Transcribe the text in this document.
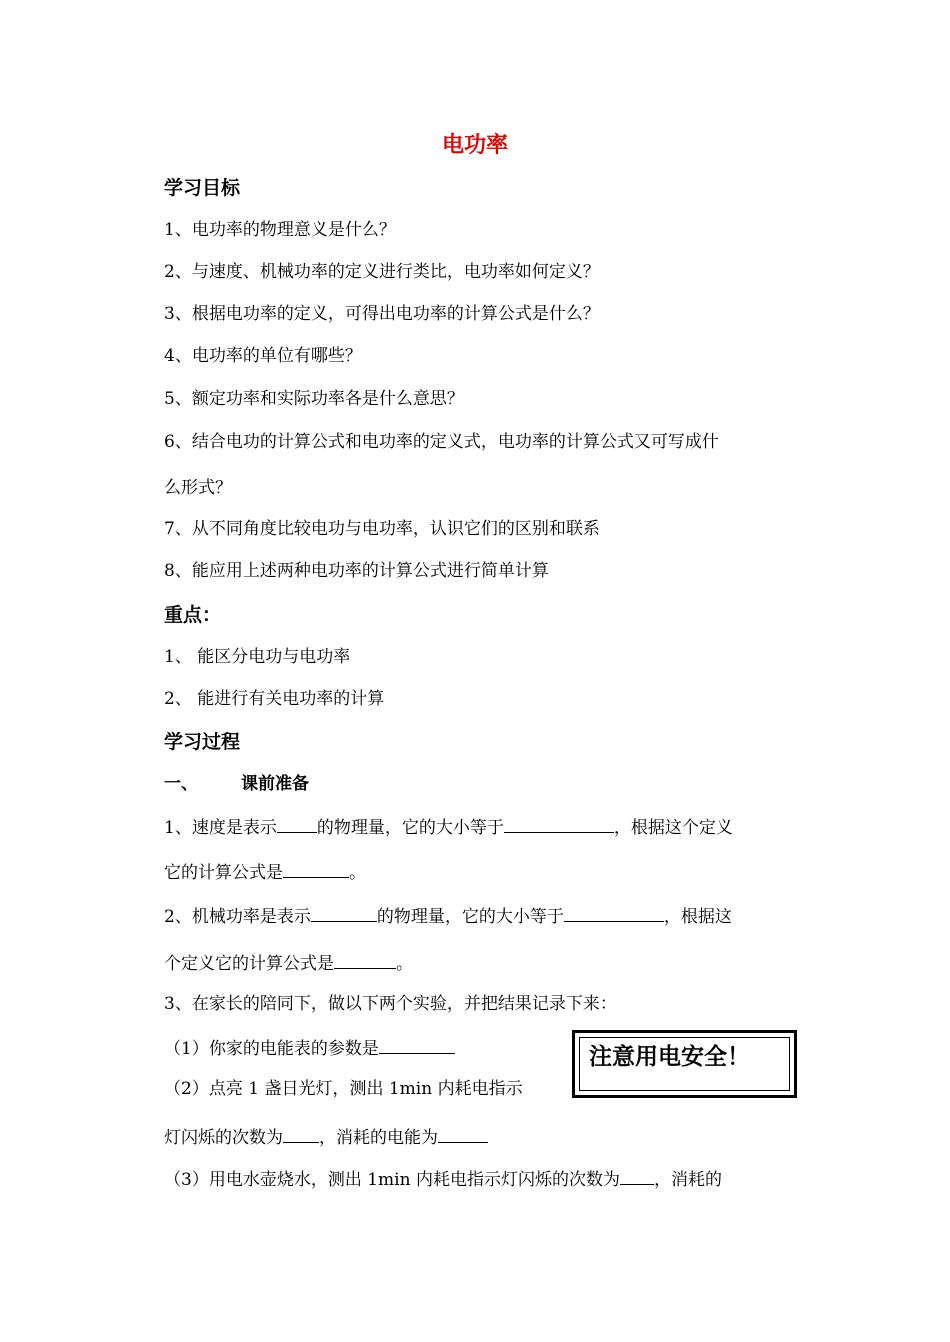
电功率
学习目标
1、电功率的物理意义是什么？
2、与速度、机械功率的定义进行类比，电功率如何定义？
3、根据电功率的定义，可得出电功率的计算公式是什么？
4、电功率的单位有哪些？
5、额定功率和实际功率各是什么意思？
6、结合电功的计算公式和电功率的定义式，电功率的计算公式又可写成什
么形式？
7、从不同角度比较电功与电功率，认识它们的区别和联系
8、能应用上述两种电功率的计算公式进行简单计算
重点：
1、 能区分电功与电功率
2、 能进行有关电功率的计算
学习过程
一、	课前准备
1、速度是表示 的物理量，它的大小等于	，根据这个定义
它的计算公式是	。
2、机械功率是表示	的物理量，它的大小等于	，根据这
个定义它的计算公式是	。
3、在家长的陪同下，做以下两个实验，并把结果记录下来：
（1）你家的电能表的参数是
（2）点亮 1 盏日光灯，测出 1min 内耗电指示
灯闪烁的次数为 ，消耗的电能为
（3）用电水壶烧水，测出 1min 内耗电指示灯闪烁的次数为 ，消耗的
注意用电安全！
